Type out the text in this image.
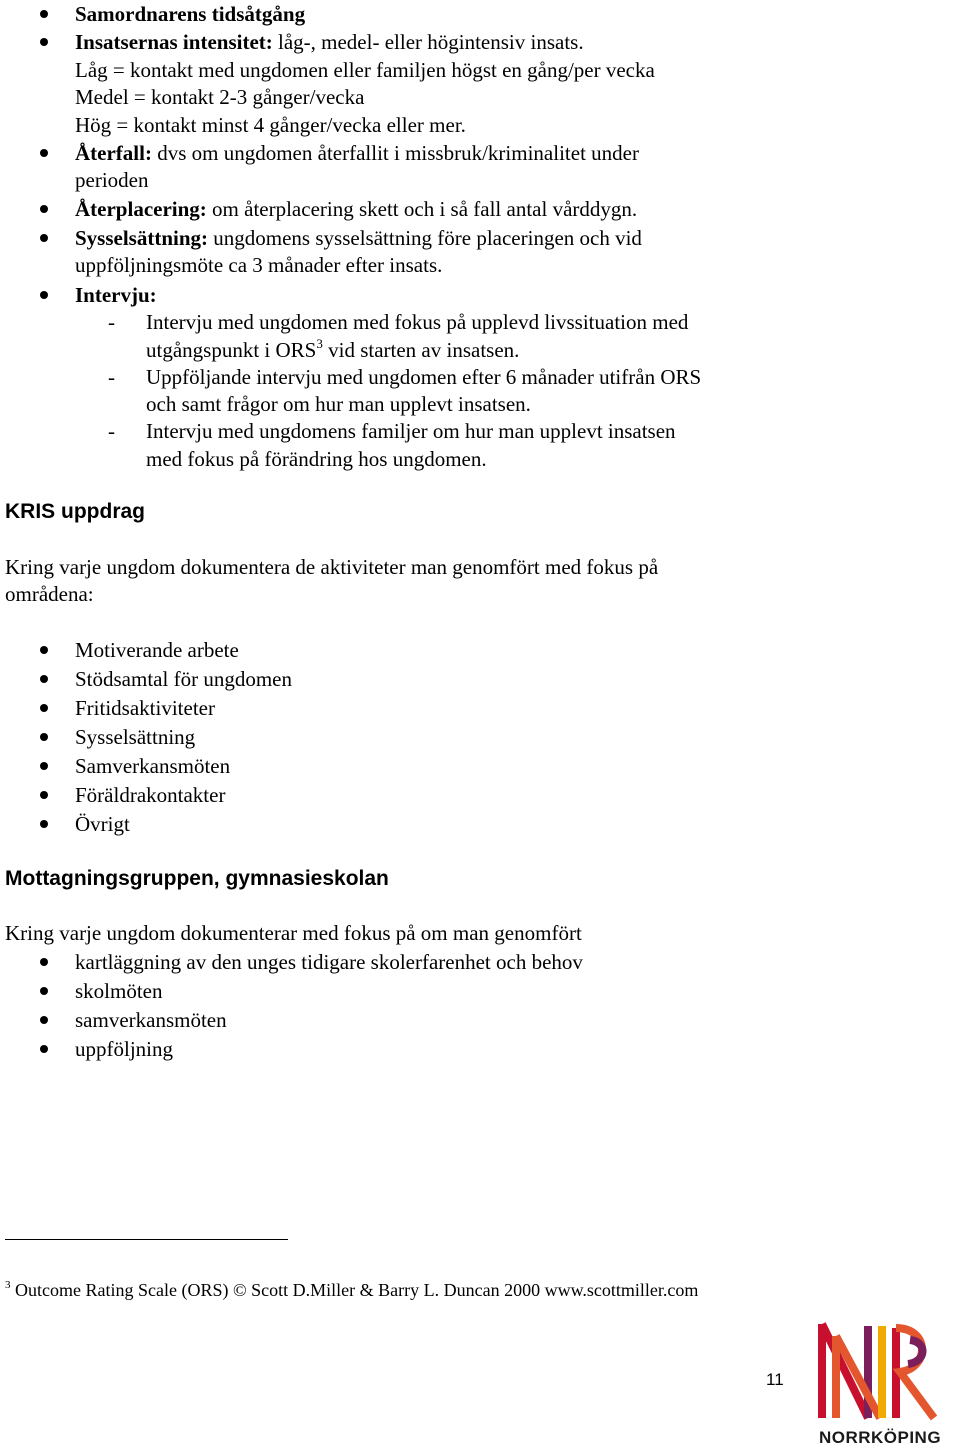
Samordnarens tidsåtgång
Insatsernas intensitet: låg-, medel- eller högintensiv insats.
Låg = kontakt med ungdomen eller familjen högst en gång/per vecka
Medel = kontakt 2-3 gånger/vecka
Hög = kontakt minst 4 gånger/vecka eller mer.
Återfall: dvs om ungdomen återfallit i missbruk/kriminalitet under
perioden
Återplacering: om återplacering skett och i så fall antal vårddygn.
Sysselsättning: ungdomens sysselsättning före placeringen och vid
uppföljningsmöte ca 3 månader efter insats.
Intervju:
- Intervju med ungdomen med fokus på upplevd livssituation med
utgångspunkt i ORS$^3$ vid starten av insatsen.
- Uppföljande intervju med ungdomen efter 6 månader utifrån ORS
och samt frågor om hur man upplevt insatsen.
- Intervju med ungdomens familjer om hur man upplevt insatsen
med fokus på förändring hos ungdomen.
KRIS uppdrag
Kring varje ungdom dokumentera de aktiviteter man genomfört med fokus på
områdena:
Motiverande arbete
Stödsamtal för ungdomen
Fritidsaktiviteter
Sysselsättning
Samverkansmöten
Föräldrakontakter
Övrigt
Mottagningsgruppen, gymnasieskolan
Kring varje ungdom dokumenterar med fokus på om man genomfört
kartläggning av den unges tidigare skolerfarenhet och behov
skolmöten
samverkansmöten
uppföljning
$^3$ Outcome Rating Scale (ORS) © Scott D.Miller & Barry L. Duncan 2000 www.scottmiller.com
11
NORRKÖPING
